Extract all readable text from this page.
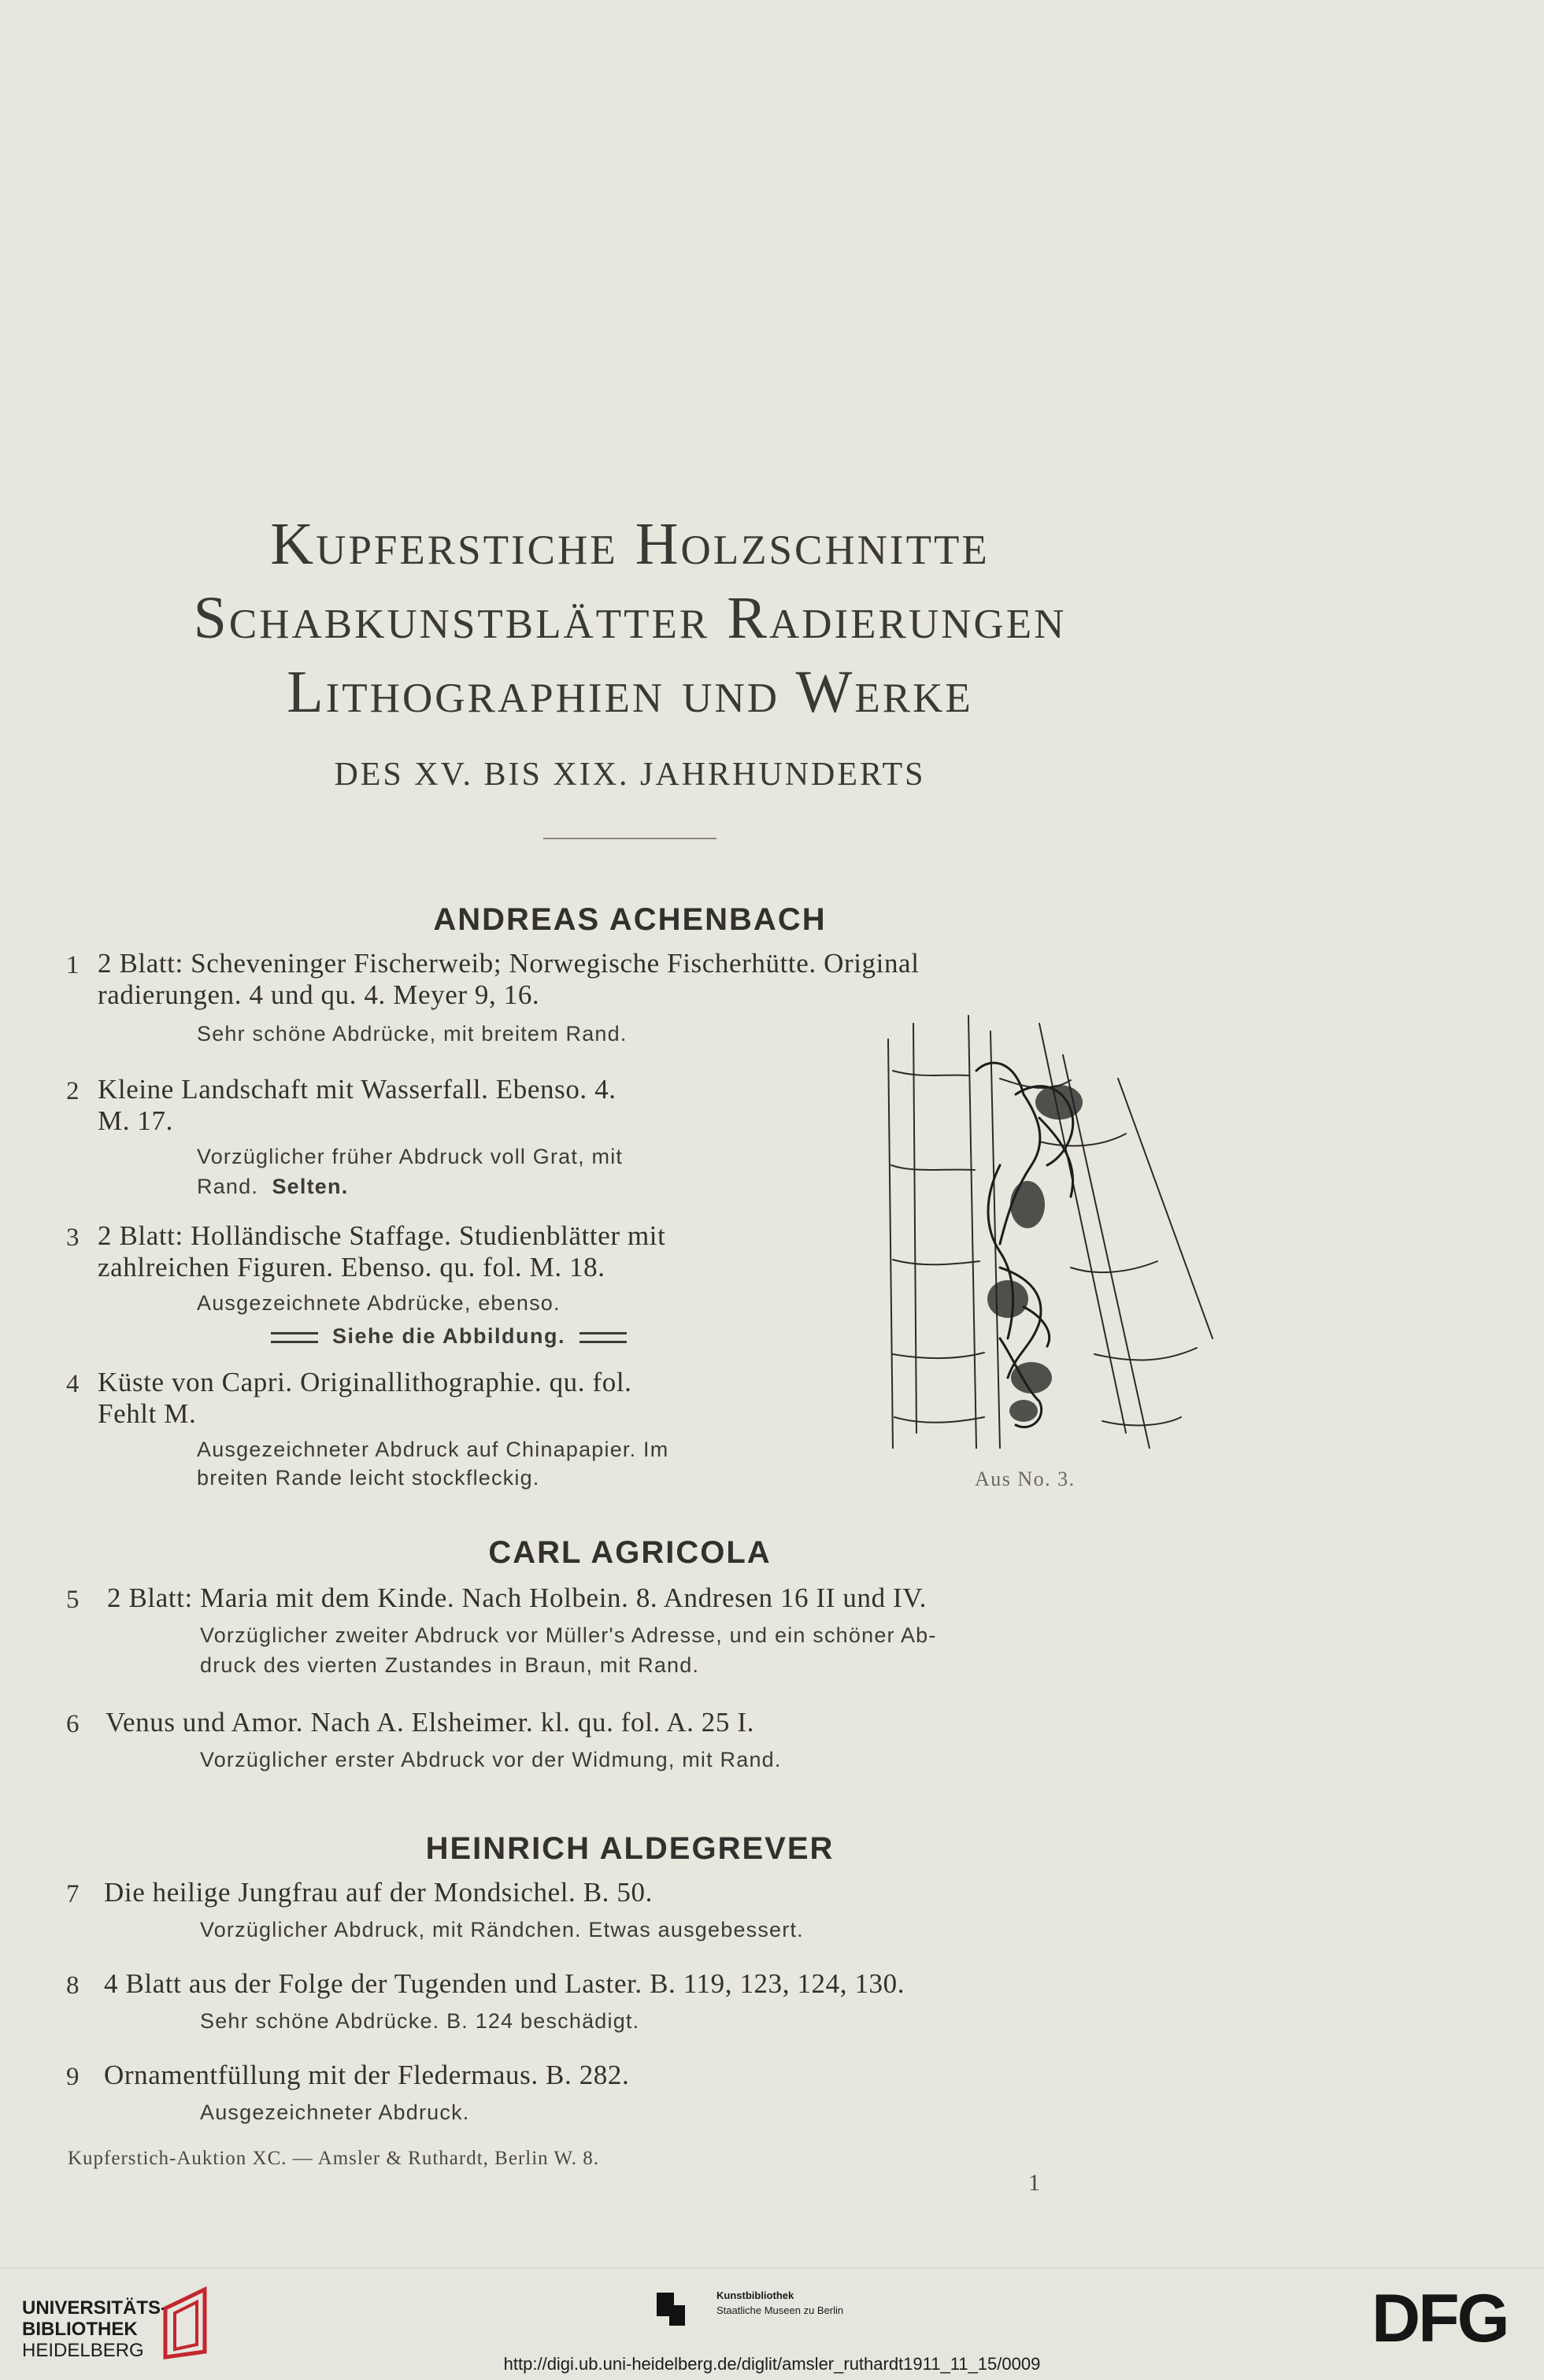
Kupferstiche Holzschnitte
Schabkunstblätter Radierungen
Lithographien und Werke
DES XV. BIS XIX. JAHRHUNDERTS
ANDREAS ACHENBACH
1 2 Blatt: Scheveninger Fischerweib; Norwegische Fischerhütte. Original
radierungen. 4 und qu. 4. Meyer 9, 16.
Sehr schöne Abdrücke, mit breitem Rand.
2 Kleine Landschaft mit Wasserfall. Ebenso. 4.
M. 17.
Vorzüglicher früher Abdruck voll Grat, mit
Rand. Selten.
3 2 Blatt: Holländische Staffage. Studienblätter mit
zahlreichen Figuren. Ebenso. qu. fol. M. 18.
Ausgezeichnete Abdrücke, ebenso.
Siehe die Abbildung.
4 Küste von Capri. Originallithographie. qu. fol.
Fehlt M.
Ausgezeichneter Abdruck auf Chinapapier. Im
breiten Rande leicht stockfleckig.	Aus No. 3.
CARL AGRICOLA
5 2 Blatt: Maria mit dem Kinde. Nach Holbein. 8. Andresen 16 II und IV.
Vorzüglicher zweiter Abdruck vor Müller's Adresse, und ein schöner Ab-
druck des vierten Zustandes in Braun, mit Rand.
6 Venus und Amor. Nach A. Elsheimer. kl. qu. fol. A. 25 I.
Vorzüglicher erster Abdruck vor der Widmung, mit Rand.
HEINRICH ALDEGREVER
7 Die heilige Jungfrau auf der Mondsichel. B. 50.
Vorzüglicher Abdruck, mit Rändchen. Etwas ausgebessert.
8 4 Blatt aus der Folge der Tugenden und Laster. B. 119, 123, 124, 130.
Sehr schöne Abdrücke. B. 124 beschädigt.
9 Ornamentfüllung mit der Fledermaus. B. 282.
Ausgezeichneter Abdruck.
Kupferstich-Auktion XC. — Amsler & Ruthardt, Berlin W. 8.
1
UNIVERSITÄTS-
BIBLIOTHEK
HEIDELBERG
Kunstbibliothek
Staatliche Museen zu Berlin	DFG
http://digi.ub.uni-heidelberg.de/diglit/amsler_ruthardt1911_11_15/0009
